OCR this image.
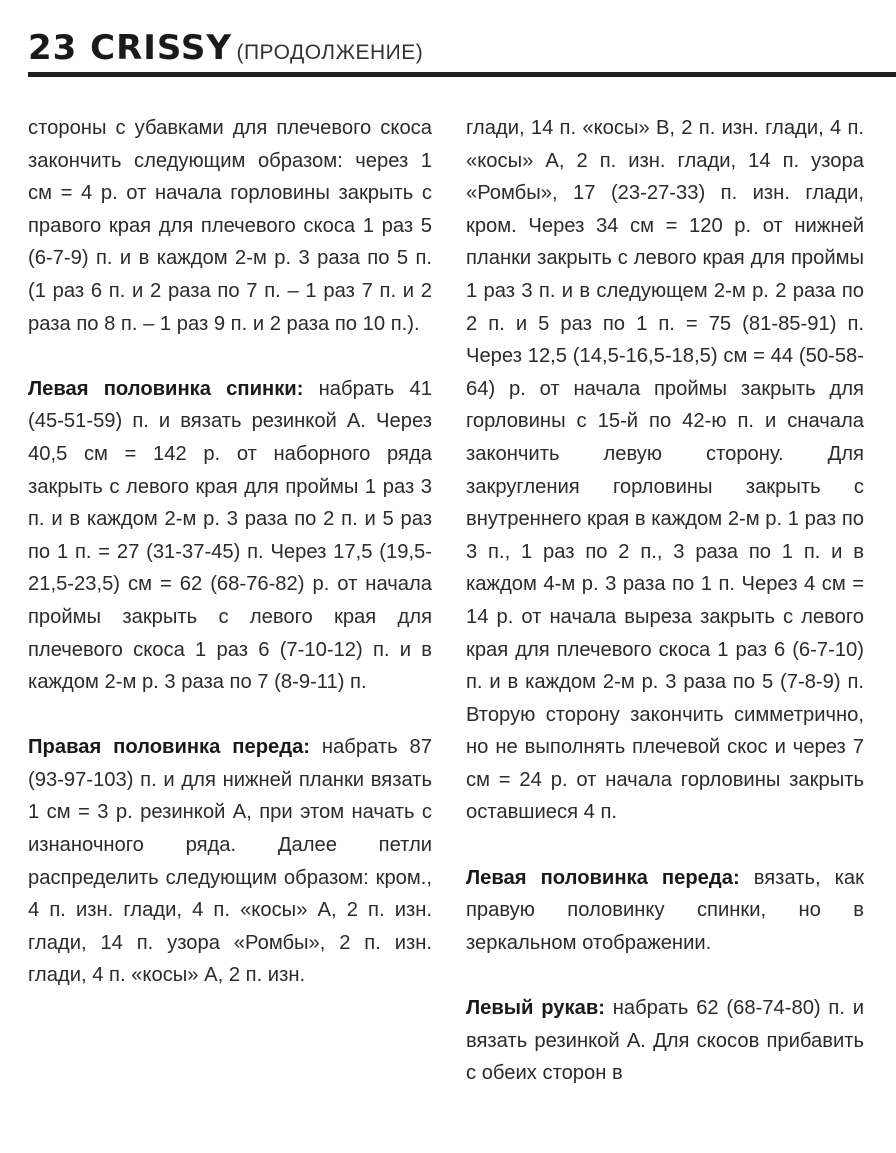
23 CRISSY (ПРОДОЛЖЕНИЕ)

стороны с убавками для плечевого скоса закончить следующим образом: через 1 см = 4 р. от начала горловины закрыть с правого края для плечевого скоса 1 раз 5 (6-7-9) п. и в каждом 2-м р. 3 раза по 5 п. (1 раз 6 п. и 2 раза по 7 п. – 1 раз 7 п. и 2 раза по 8 п. – 1 раз 9 п. и 2 раза по 10 п.).

Левая половинка спинки: набрать 41 (45-51-59) п. и вязать резинкой А. Через 40,5 см = 142 р. от наборного ряда закрыть с левого края для проймы 1 раз 3 п. и в каждом 2-м р. 3 раза по 2 п. и 5 раз по 1 п. = 27 (31-37-45) п. Через 17,5 (19,5-21,5-23,5) см = 62 (68-76-82) р. от начала проймы закрыть с левого края для плечевого скоса 1 раз 6 (7-10-12) п. и в каждом 2-м р. 3 раза по 7 (8-9-11) п.

Правая половинка переда: набрать 87 (93-97-103) п. и для нижней планки вязать 1 см = 3 р. резинкой А, при этом начать с изнаночного ряда. Далее петли распределить следующим образом: кром., 4 п. изн. глади, 4 п. «косы» А, 2 п. изн. глади, 14 п. узора «Ромбы», 2 п. изн. глади, 4 п. «косы» А, 2 п. изн.

глади, 14 п. «косы» В, 2 п. изн. глади, 4 п. «косы» А, 2 п. изн. глади, 14 п. узора «Ромбы», 17 (23-27-33) п. изн. глади, кром. Через 34 см = 120 р. от нижней планки закрыть с левого края для проймы 1 раз 3 п. и в следующем 2-м р. 2 раза по 2 п. и 5 раз по 1 п. = 75 (81-85-91) п. Через 12,5 (14,5-16,5-18,5) см = 44 (50-58-64) р. от начала проймы закрыть для горловины с 15-й по 42-ю п. и сначала закончить левую сторону. Для закругления горловины закрыть с внутреннего края в каждом 2-м р. 1 раз по 3 п., 1 раз по 2 п., 3 раза по 1 п. и в каждом 4-м р. 3 раза по 1 п. Через 4 см = 14 р. от начала выреза закрыть с левого края для плечевого скоса 1 раз 6 (6-7-10) п. и в каждом 2-м р. 3 раза по 5 (7-8-9) п. Вторую сторону закончить симметрично, но не выполнять плечевой скос и через 7 см = 24 р. от начала горловины закрыть оставшиеся 4 п.

Левая половинка переда: вязать, как правую половинку спинки, но в зеркальном отображении.

Левый рукав: набрать 62 (68-74-80) п. и вязать резинкой А. Для скосов прибавить с обеих сторон в
